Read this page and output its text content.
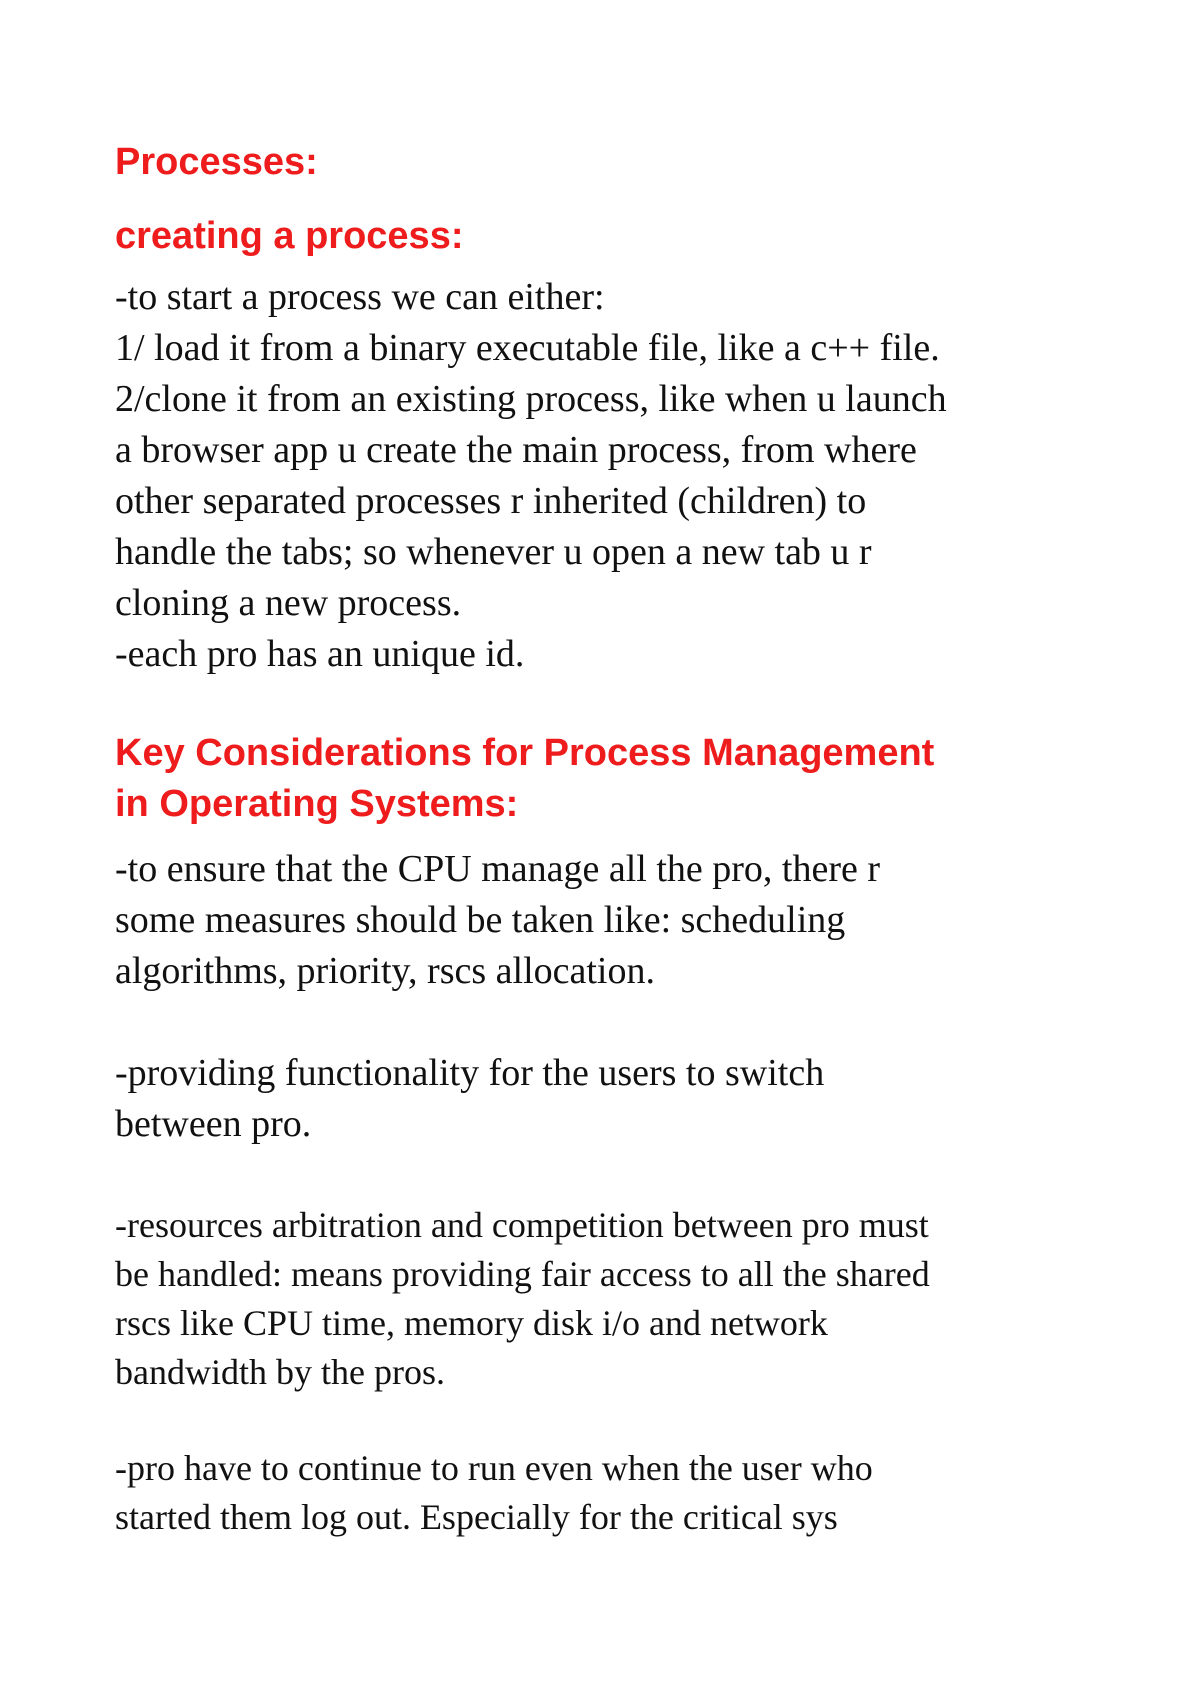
Processes:
creating a process:
-to start a process we can either:
1/ load it from a binary executable file, like a c++ file.
2/clone it from an existing process, like when u launch
a browser app u create the main process, from where
other separated processes r inherited (children) to
handle the tabs; so whenever u open a new tab u r
cloning a new process.
-each pro has an unique id.
Key Considerations for Process Management
in Operating Systems:
-to ensure that the CPU manage all the pro, there r
some measures should be taken like: scheduling
algorithms, priority, rscs allocation.
-providing functionality for the users to switch
between pro.
-resources arbitration and competition between pro must
be handled: means providing fair access to all the shared
rscs like CPU time, memory disk i/o and network
bandwidth by the pros.
-pro have to continue to run even when the user who
started them log out. Especially for the critical sys
